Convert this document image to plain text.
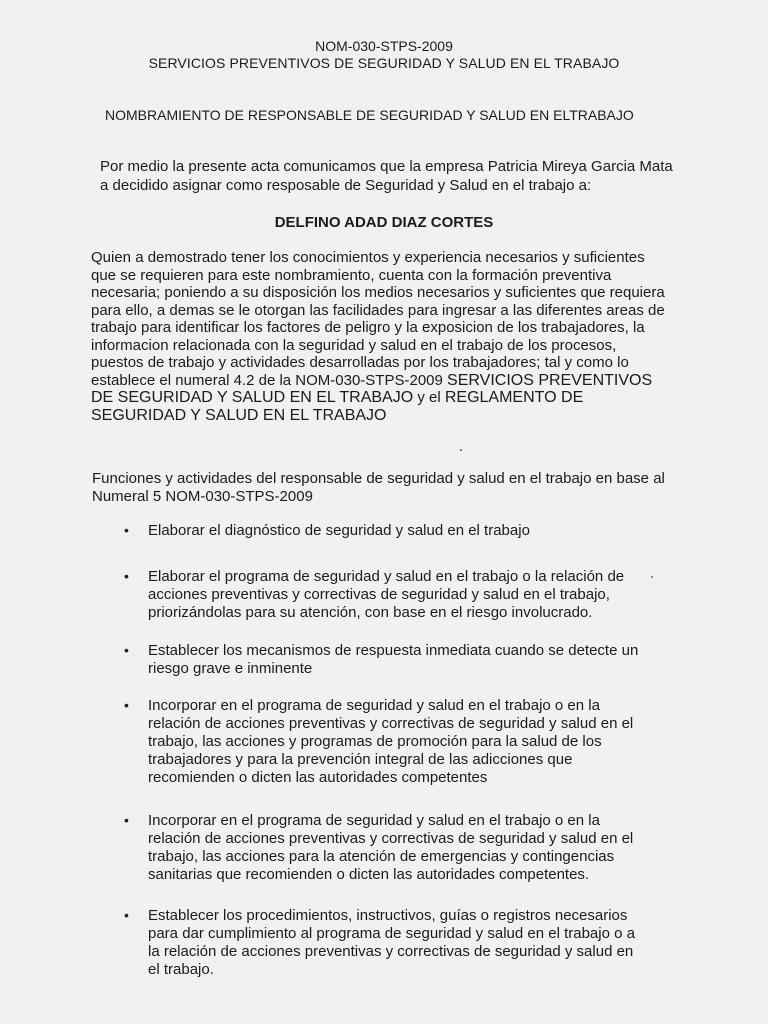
NOM-030-STPS-2009
SERVICIOS PREVENTIVOS DE SEGURIDAD Y SALUD EN EL TRABAJO
NOMBRAMIENTO DE RESPONSABLE DE SEGURIDAD Y SALUD EN ELTRABAJO
Por medio la presente acta comunicamos que la empresa Patricia Mireya Garcia Mata a decidido asignar como resposable de Seguridad y Salud en el trabajo a:
DELFINO ADAD DIAZ CORTES
Quien a demostrado tener los conocimientos y experiencia necesarios y suficientes que se requieren para este nombramiento, cuenta con la formación preventiva necesaria; poniendo a su disposición los medios necesarios y suficientes que requiera para ello, a demas se le otorgan las facilidades para ingresar a las diferentes areas de trabajo para identificar los factores de peligro y la exposicion de los trabajadores, la informacion relacionada con la seguridad y salud en el trabajo de los procesos, puestos de trabajo y actividades desarrolladas por los trabajadores; tal y como lo establece el numeral 4.2 de la NOM-030-STPS-2009 SERVICIOS PREVENTIVOS DE SEGURIDAD Y SALUD EN EL TRABAJO y el REGLAMENTO DE SEGURIDAD Y SALUD EN EL TRABAJO
Funciones y actividades del responsable de seguridad y salud en el trabajo en base al Numeral 5 NOM-030-STPS-2009
• Elaborar el diagnóstico de seguridad y salud en el trabajo
• Elaborar el programa de seguridad y salud en el trabajo o la relación de acciones preventivas y correctivas de seguridad y salud en el trabajo, priorizándolas para su atención, con base en el riesgo involucrado.
• Establecer los mecanismos de respuesta inmediata cuando se detecte un riesgo grave e inminente
• Incorporar en el programa de seguridad y salud en el trabajo o en la relación de acciones preventivas y correctivas de seguridad y salud en el trabajo, las acciones y programas de promoción para la salud de los trabajadores y para la prevención integral de las adicciones que recomienden o dicten las autoridades competentes
• Incorporar en el programa de seguridad y salud en el trabajo o en la relación de acciones preventivas y correctivas de seguridad y salud en el trabajo, las acciones para la atención de emergencias y contingencias sanitarias que recomienden o dicten las autoridades competentes.
• Establecer los procedimientos, instructivos, guías o registros necesarios para dar cumplimiento al programa de seguridad y salud en el trabajo o a la relación de acciones preventivas y correctivas de seguridad y salud en el trabajo.
